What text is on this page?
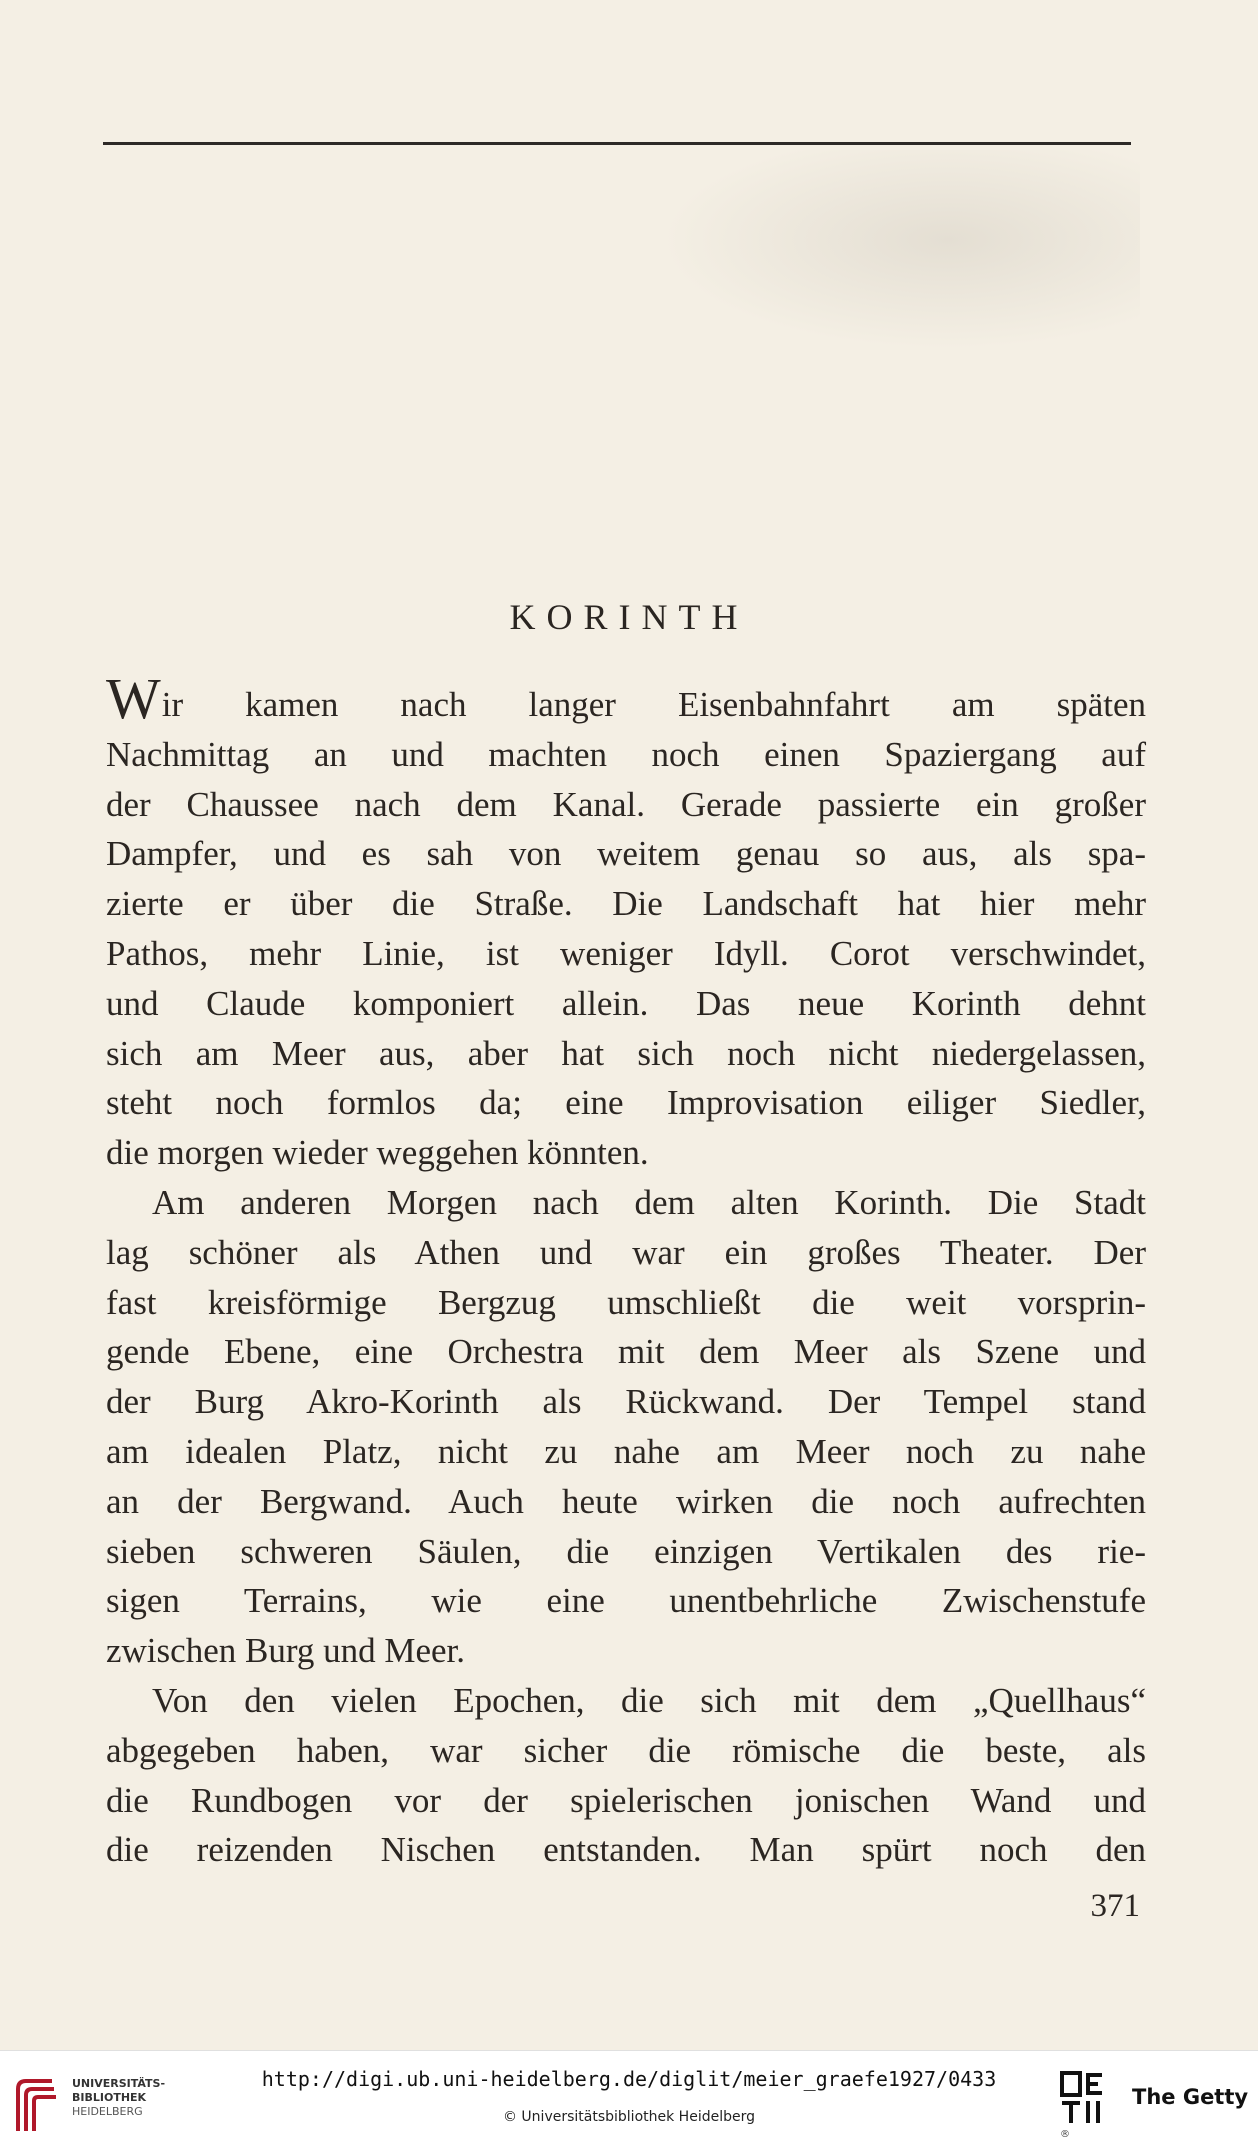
KORINTH
Wir kamen nach langer Eisenbahnfahrt am späten
Nachmittag an und machten noch einen Spaziergang auf
der Chaussee nach dem Kanal. Gerade passierte ein großer
Dampfer, und es sah von weitem genau so aus, als spa-
zierte er über die Straße. Die Landschaft hat hier mehr
Pathos, mehr Linie, ist weniger Idyll. Corot verschwindet,
und Claude komponiert allein. Das neue Korinth dehnt
sich am Meer aus, aber hat sich noch nicht niedergelassen,
steht noch formlos da; eine Improvisation eiliger Siedler,
die morgen wieder weggehen könnten.
Am anderen Morgen nach dem alten Korinth. Die Stadt
lag schöner als Athen und war ein großes Theater. Der
fast kreisförmige Bergzug umschließt die weit vorsprin-
gende Ebene, eine Orchestra mit dem Meer als Szene und
der Burg Akro-Korinth als Rückwand. Der Tempel stand
am idealen Platz, nicht zu nahe am Meer noch zu nahe
an der Bergwand. Auch heute wirken die noch aufrechten
sieben schweren Säulen, die einzigen Vertikalen des rie-
sigen Terrains, wie eine unentbehrliche Zwischenstufe
zwischen Burg und Meer.
Von den vielen Epochen, die sich mit dem „Quellhaus“
abgegeben haben, war sicher die römische die beste, als
die Rundbogen vor der spielerischen jonischen Wand und
die reizenden Nischen entstanden. Man spürt noch den
371
UNIVERSITÄTS-
BIBLIOTHEK
HEIDELBERG
http://digi.ub.uni-heidelberg.de/diglit/meier_graefe1927/0433
© Universitätsbibliothek Heidelberg
®
The Getty
